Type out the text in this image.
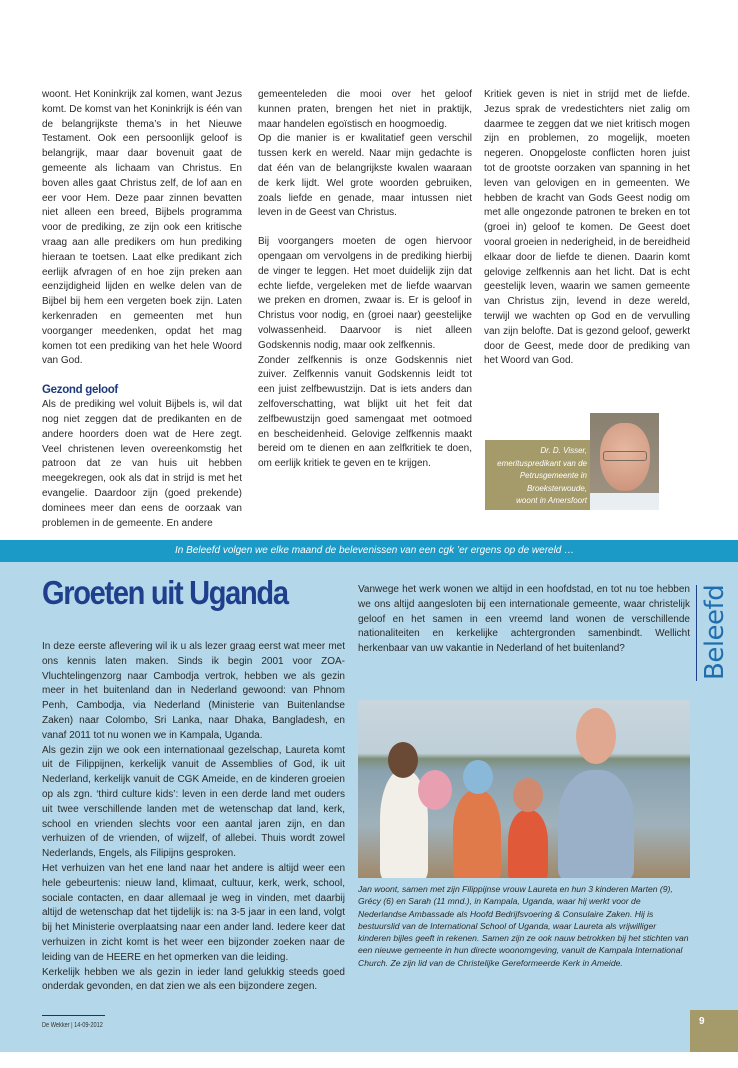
woont. Het Koninkrijk zal komen, want Jezus komt. De komst van het Koninkrijk is één van de belangrijkste thema’s in het Nieuwe Testament. Ook een persoonlijk geloof is belangrijk, maar daar bovenuit gaat de gemeente als lichaam van Christus. En boven alles gaat Christus zelf, de lof aan en eer voor Hem. Deze paar zinnen bevatten niet alleen een breed, Bijbels programma voor de prediking, ze zijn ook een kritische vraag aan alle predikers om hun prediking hieraan te toetsen. Laat elke predikant zich eerlijk afvragen of en hoe zijn preken aan eenzijdigheid lijden en welke delen van de Bijbel bij hem een vergeten boek zijn. Laten kerkenraden en gemeenten met hun voorganger meedenken, opdat het mag komen tot een prediking van het hele Woord van God.

Gezond geloof

Als de prediking wel voluit Bijbels is, wil dat nog niet zeggen dat de predikanten en de andere hoorders doen wat de Here zegt. Veel christenen leven overeenkomstig het patroon dat ze van huis uit hebben meegekregen, ook als dat in strijd is met het evangelie. Daardoor zijn (goed prekende) dominees meer dan eens de oorzaak van problemen in de gemeente. En andere

gemeenteleden die mooi over het geloof kunnen praten, brengen het niet in praktijk, maar handelen egoïstisch en hoogmoedig.

Op die manier is er kwalitatief geen verschil tussen kerk en wereld. Naar mijn gedachte is dat één van de belangrijkste kwalen waaraan de kerk lijdt. Wel grote woorden gebruiken, zoals liefde en genade, maar intussen niet leven in de Geest van Christus.

Bij voorgangers moeten de ogen hiervoor opengaan om vervolgens in de prediking hierbij de vinger te leggen. Het moet duidelijk zijn dat echte liefde, vergeleken met de liefde waarvan we preken en dromen, zwaar is. Er is geloof in Christus voor nodig, en (groei naar) geestelijke volwassenheid. Daarvoor is niet alleen Godskennis nodig, maar ook zelfkennis.

Zonder zelfkennis is onze Godskennis niet zuiver. Zelfkennis vanuit Godskennis leidt tot een juist zelfbewustzijn. Dat is iets anders dan zelfoverschatting, wat blijkt uit het feit dat zelfbewustzijn goed samengaat met ootmoed en bescheidenheid. Gelovige zelfkennis maakt bereid om te dienen en aan zelfkritiek te doen, om eerlijk kritiek te geven en te krijgen.

Kritiek geven is niet in strijd met de liefde. Jezus sprak de vredestichters niet zalig om daarmee te zeggen dat we niet kritisch mogen zijn en problemen, zo mogelijk, moeten negeren. Onopgeloste conflicten horen juist tot de grootste oorzaken van spanning in het leven van gelovigen en in gemeenten. We hebben de kracht van Gods Geest nodig om met alle ongezonde patronen te breken en tot (groei in) geloof te komen. De Geest doet vooral groeien in nederigheid, in de bereidheid elkaar door de liefde te dienen. Daarin komt gelovige zelfkennis aan het licht. Dat is echt geestelijk leven, waarin we samen gemeente van Christus zijn, levend in deze wereld, terwijl we wachten op God en de vervulling van zijn belofte. Dat is gezond geloof, gewerkt door de Geest, mede door de prediking van het Woord van God.

Dr. D. Visser,
emerituspredikant van de
Petrusgemeente in
Broeksterwoude,
woont in Amersfoort
In Beleefd volgen we elke maand de belevenissen van een cgk ’er ergens op de wereld …
Groeten uit Uganda

In deze eerste aflevering wil ik u als lezer graag eerst wat meer met ons kennis laten maken. Sinds ik begin 2001 voor ZOA-Vluchtelingenzorg naar Cambodja vertrok, hebben we als gezin meer in het buitenland dan in Nederland gewoond: van Phnom Penh, Cambodja, via Nederland (Ministerie van Buitenlandse Zaken) naar Colombo, Sri Lanka, naar Dhaka, Bangladesh, en vanaf 2011 tot nu wonen we in Kampala, Uganda.

Als gezin zijn we ook een internationaal gezelschap, Laureta komt uit de Filippijnen, kerkelijk vanuit de Assemblies of God, ik uit Nederland, kerkelijk vanuit de CGK Ameide, en de kinderen groeien op als zgn. ‘third culture kids’: leven in een derde land met ouders uit twee verschillende landen met de wetenschap dat land, kerk, school en vrienden slechts voor een aantal jaren zijn, en dan verhuizen of de vrienden, of wijzelf, of allebei. Thuis wordt zowel Nederlands, Engels, als Filipijns gesproken.

Het verhuizen van het ene land naar het andere is altijd weer een hele gebeurtenis: nieuw land, klimaat, cultuur, kerk, werk, school, sociale contacten, en daar allemaal je weg in vinden, met daarbij altijd de wetenschap dat het tijdelijk is: na 3-5 jaar in een land, volgt bij het Ministerie overplaatsing naar een ander land. Iedere keer dat verhuizen in zicht komt is het weer een bijzonder zoeken naar de leiding van de HEERE en het opmerken van die leiding.

Kerkelijk hebben we als gezin in ieder land gelukkig steeds goed onderdak gevonden, en dat zien we als een bijzondere zegen.

Vanwege het werk wonen we altijd in een hoofdstad, en tot nu toe hebben we ons altijd aangesloten bij een internationale gemeente, waar christelijk geloof en het samen in een vreemd land wonen de verschillende nationaliteiten en kerkelijke achtergronden samenbindt. Wellicht herkenbaar van uw vakantie in Nederland of het buitenland?

Jan woont, samen met zijn Filippijnse vrouw Laureta en hun 3 kinderen Marten (9), Grécy (6) en Sarah (11 mnd.), in Kampala, Uganda, waar hij werkt voor de Nederlandse Ambassade als Hoofd Bedrijfsvoering & Consulaire Zaken. Hij is bestuurslid van de International School of Uganda, waar Laureta als vrijwilliger kinderen bijles geeft in rekenen. Samen zijn ze ook nauw betrokken bij het stichten van een nieuwe gemeente in hun directe woonomgeving, vanuit de Kampala International Church. Ze zijn lid van de Christelijke Gereformeerde Kerk in Ameide.
Beleefd
De Wekker | 14-09-2012	9
